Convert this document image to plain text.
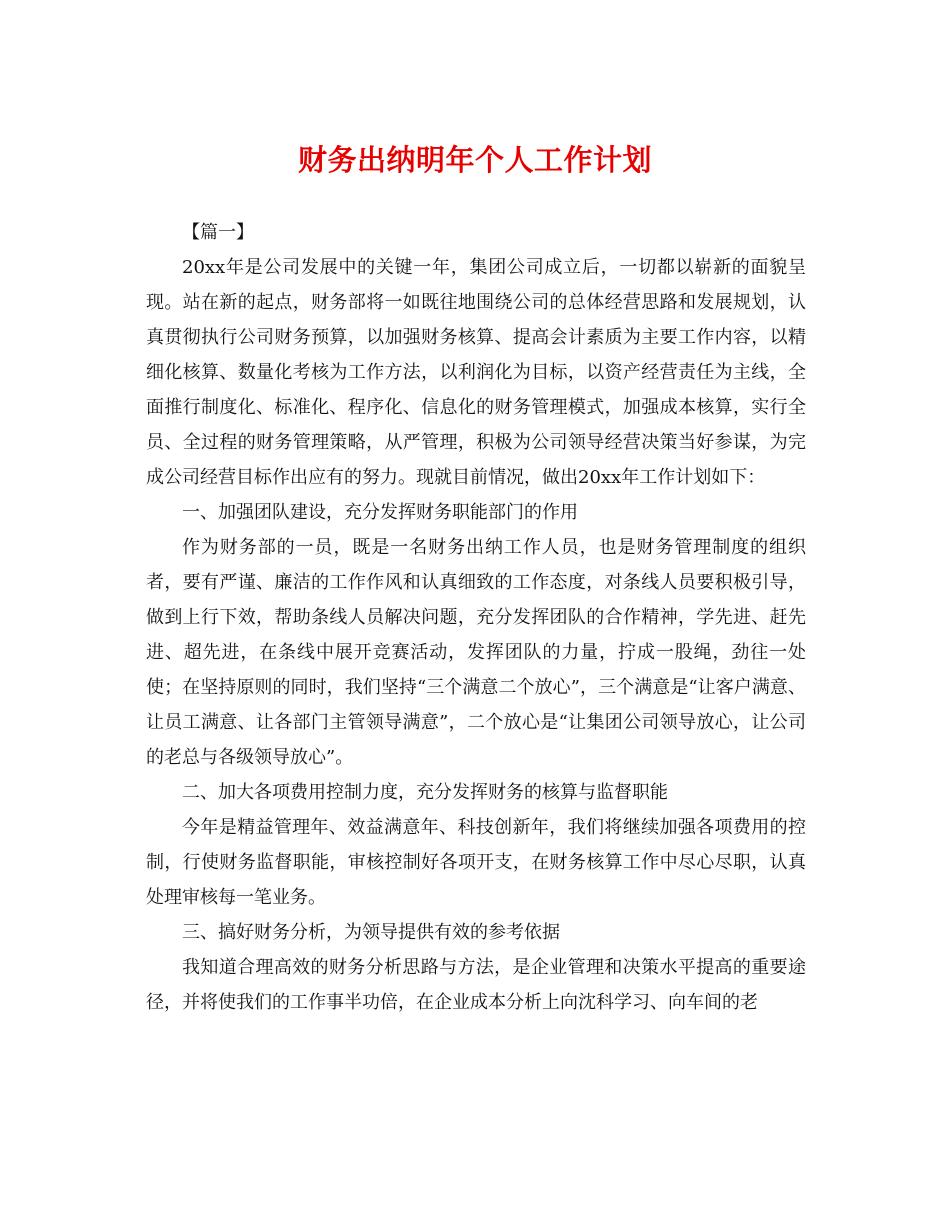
财务出纳明年个人工作计划

【篇一】

20xx年是公司发展中的关键一年，集团公司成立后，一切都以崭新的面貌呈现。站在新的起点，财务部将一如既往地围绕公司的总体经营思路和发展规划，认真贯彻执行公司财务预算，以加强财务核算、提高会计素质为主要工作内容，以精细化核算、数量化考核为工作方法，以利润化为目标，以资产经营责任为主线，全面推行制度化、标准化、程序化、信息化的财务管理模式，加强成本核算，实行全员、全过程的财务管理策略，从严管理，积极为公司领导经营决策当好参谋，为完成公司经营目标作出应有的努力。现就目前情况，做出20xx年工作计划如下：

一、加强团队建设，充分发挥财务职能部门的作用

作为财务部的一员，既是一名财务出纳工作人员，也是财务管理制度的组织者，要有严谨、廉洁的工作作风和认真细致的工作态度，对条线人员要积极引导，做到上行下效，帮助条线人员解决问题，充分发挥团队的合作精神，学先进、赶先进、超先进，在条线中展开竞赛活动，发挥团队的力量，拧成一股绳，劲往一处使；在坚持原则的同时，我们坚持“三个满意二个放心”，三个满意是“让客户满意、让员工满意、让各部门主管领导满意”，二个放心是“让集团公司领导放心，让公司的老总与各级领导放心”。

二、加大各项费用控制力度，充分发挥财务的核算与监督职能

今年是精益管理年、效益满意年、科技创新年，我们将继续加强各项费用的控制，行使财务监督职能，审核控制好各项开支，在财务核算工作中尽心尽职，认真处理审核每一笔业务。

三、搞好财务分析，为领导提供有效的参考依据

我知道合理高效的财务分析思路与方法，是企业管理和决策水平提高的重要途径，并将使我们的工作事半功倍，在企业成本分析上向沈科学习、向车间的老
